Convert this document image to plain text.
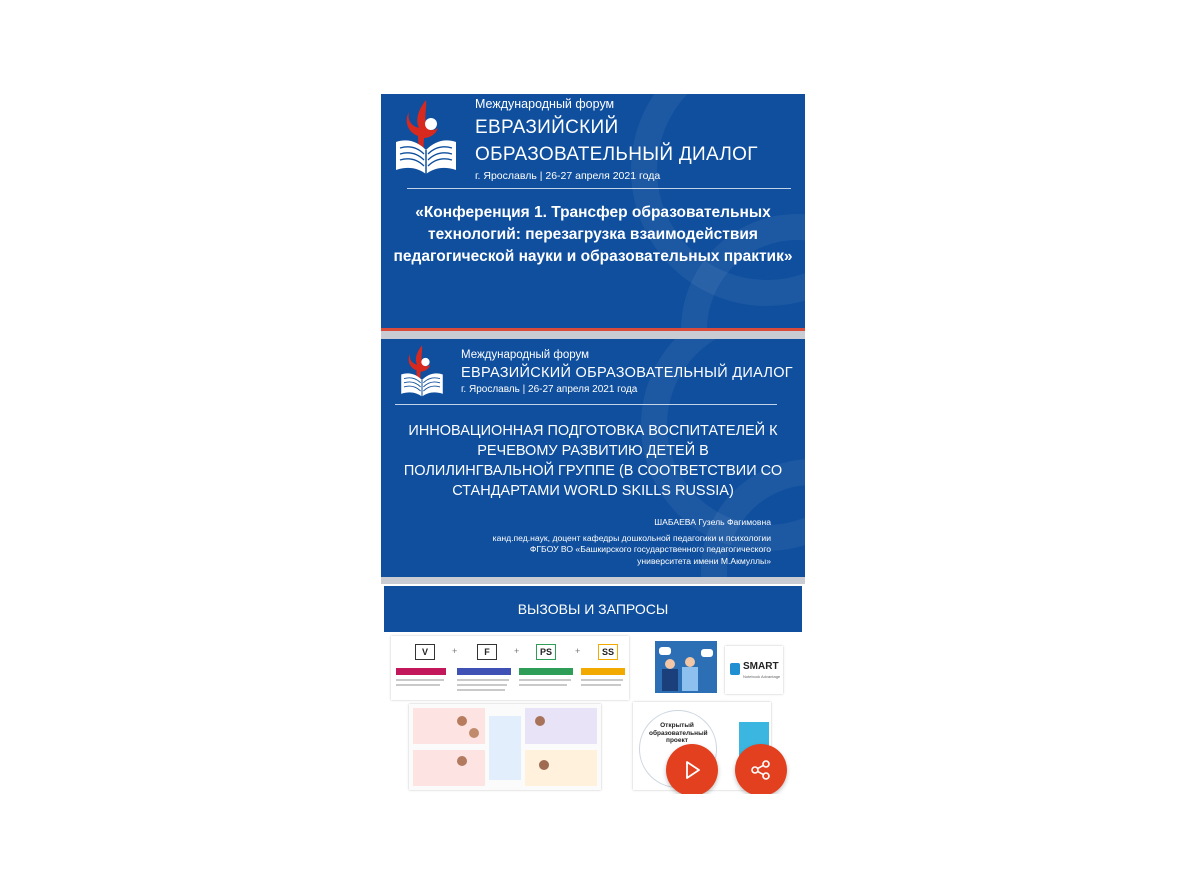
Международный форум
ЕВРАЗИЙСКИЙ
ОБРАЗОВАТЕЛЬНЫЙ ДИАЛОГ
г. Ярославль | 26-27 апреля 2021 года
«Конференция 1. Трансфер образовательных технологий: перезагрузка взаимодействия педагогической науки и образовательных практик»
Международный форум
ЕВРАЗИЙСКИЙ ОБРАЗОВАТЕЛЬНЫЙ ДИАЛОГ
г. Ярославль | 26-27 апреля 2021 года
ИННОВАЦИОННАЯ ПОДГОТОВКА ВОСПИТАТЕЛЕЙ К РЕЧЕВОМУ РАЗВИТИЮ ДЕТЕЙ В ПОЛИЛИНГВАЛЬНОЙ ГРУППЕ (В СООТВЕТСТВИИ СО СТАНДАРТАМИ WORLD SKILLS RUSSIA)
ШАБАЕВА Гузель Фагимовна
канд.пед.наук, доцент кафедры дошкольной педагогики и психологии
ФГБОУ ВО «Башкирского государственного педагогического
университета имени М.Акмуллы»
ВЫЗОВЫ И ЗАПРОСЫ
V	+	F	+	PS	+	SS
SMART
Notebook Advantage
Открытый образовательный проект
